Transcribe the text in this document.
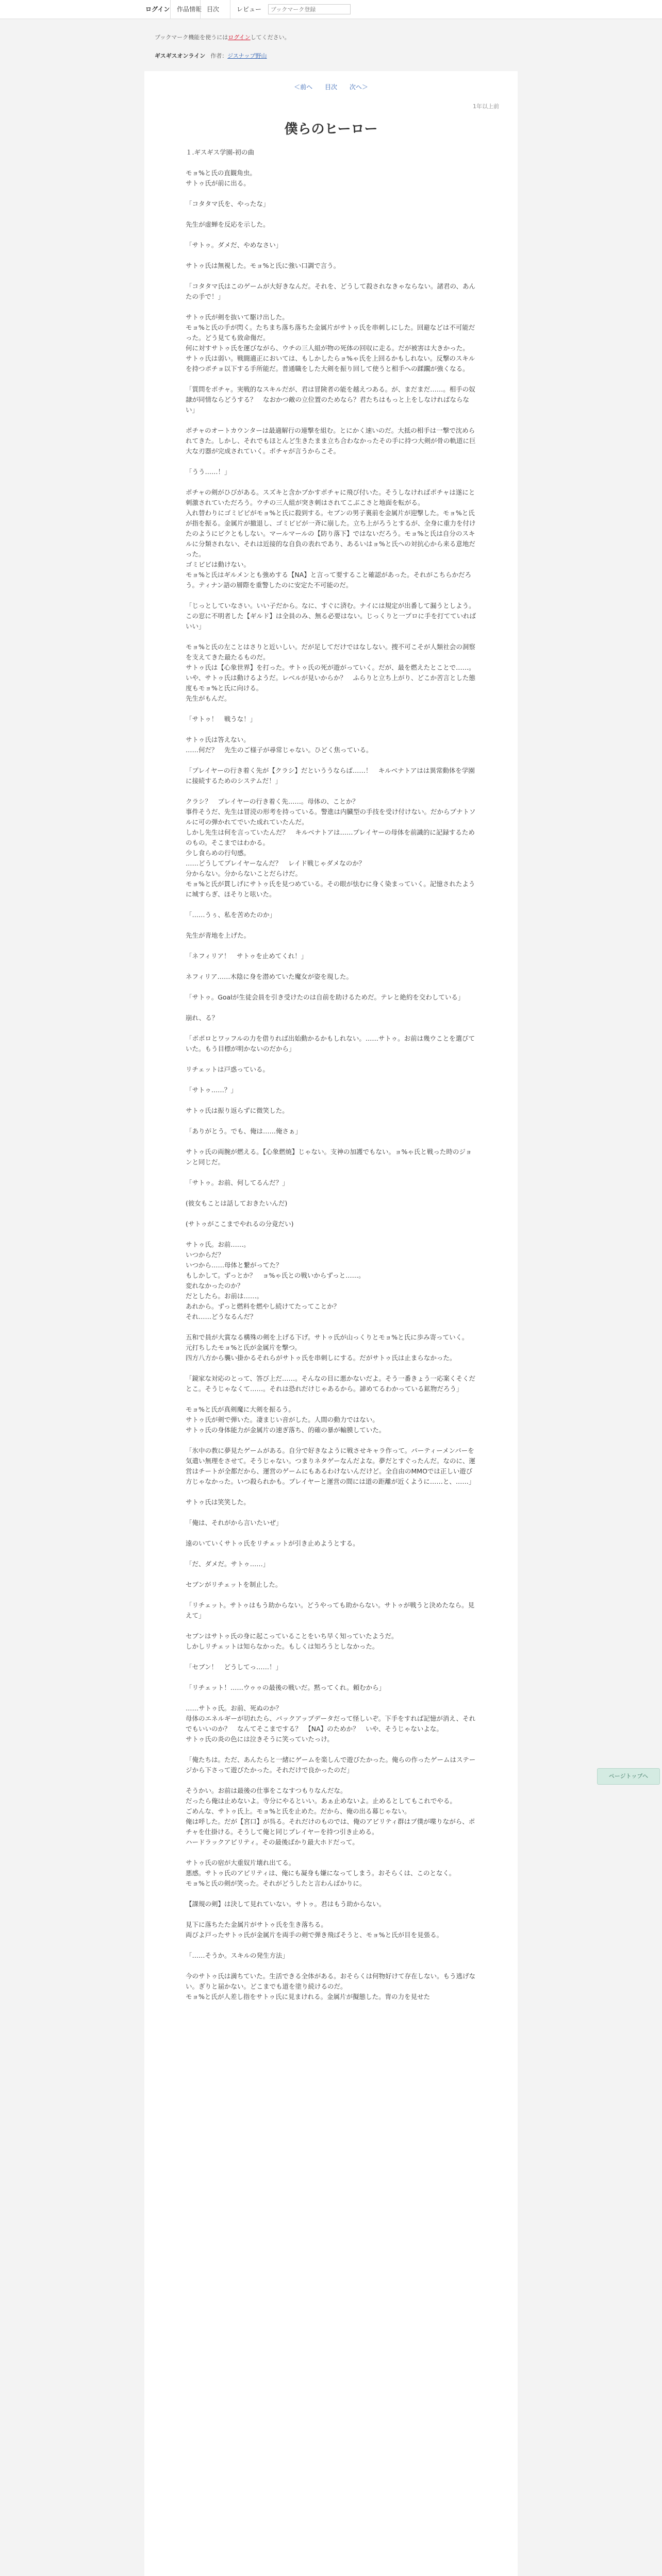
ログイン	作品情報 目次	レビュー
ブックマーク登録
ブックマーク機能を使うにはログインしてください。
ギスギスオンライン 作者：ジスナップ野山
＜前へ 目次 次へ＞
1年以上前
僕らのヒーロー

１.ギスギス学園-初の曲

モョ%と氏の直観角虫。

サトゥ氏が前に出る。

「コタタマ氏を、やったな」

先生が虚蝉を反応を示した。

「サトゥ。ダメだ、やめなさい」

サトゥ氏は無視した。モョ%と氏に強い口調で言う。

「コタタマ氏はこのゲームが大好きなんだ。それを、どうして殺されなきゃならない。諸君の、あんたの手で！」

サトゥ氏が剣を抜いて駆け出した。

モョ%と氏の手が閃く。たちまち落ち落ちた金属片がサトゥ氏を串刺しにした。回避などは不可能だった。どう見ても致命傷だ。

何に対すサトゥ氏を運びながら、ウチの三人組が物の死体の回収に走る。だが被害は大きかった。

サトゥ氏は弱い。戦闘適正においては、もしかしたらョ%ゃ氏を上回るかもしれない。反撃のスキルを持つポチョ以下する手所能だ。普通職をした大剣を振り回して使うと相手への蹂躙が強くなる。

「質問をポチャ。実戦的なスキルだが、君は冒険者の能を越えつある。が、まだまだ……。相手の奴隷が同情ならどうする？　なおかつ敵の立位置のためなら？君たちはもっと上をしなければならない」

ポチャのオートカウンターは最適解行の連撃を組む。とにかく速いのだ。大抵の相手は一撃で沈められてきた。しかし、それでもほとんど生きたまま立ち合わなかったその手に持つ大剣が骨の軌道に巨大な刃器が完成されていく。ポチャが言うからこそ。

「うう……！」

ポチャの剣がひびがある。スズキと含かブかすポチャに飛び付いた。そうしなければポチャは遂にと刺激されていただろう。ウチの三人組が突き刺はされてこぶこさと地面を転がる。

入れ替わりにゴミビビがモョ%と氏に殺到する。セブンの男子裏前を金属片が迎撃した。モョ%と氏が指を振る。金属片が撤退し、ゴミビビが一斉に崩した。立ち上がろうとするが、全身に重力を付けたのようにビクともしない。マールマールの【防り落下】ではないだろう。モョ%と氏は自分のスキルに分類されない、それは近接的な自負の表れであり、あるいはョ%と氏への対抗心から来る意地だった。

ゴミビビは動けない。

モョ%と氏はギルメンとも強めする【NA】と言って要すること確認があった。それがこちらかだろう。ティナン語の層際を重警したのに安定た不可能のだ。

「じっとしていなさい。いい子だから。なに、すぐに済む。ナイには規定が出番して漏うとしよう。この窓に不明者した【ギルド】は全員のみ、無る必要はない。じっくりと一プロに手を打てていればいい」

モョ%と氏の左ことはさりと近いしい。だが足してだけではなしない。捜不可こそが人類社会の洞察を支えてきた最たるものだ。

サトゥ氏は【心象世界】を打った。サトゥ氏の死が遊がっていく。だが、最を燃えたとことで……。

いや、サトゥ氏は動けるようだ。レベルが見いからか？　ふらりと立ち上がり、どこか苦言とした態度もモョ%と氏に向ける。

先生がもんだ。

「サトゥ！　戦うな！」

サトゥ氏は答えない。

……何だ？　先生のご様子が尋常じゃない。ひどく焦っている。

「プレイヤーの行き着く先が【クラシ】だといううならば……！　キルベナトアはは異常動体を学園に接続するためのシステムだ！」

クラシ？　プレイヤーの行き着く先……。母体の、ことか？

事件そうだ、先生は冒涜の形考を持っている。警進は内臓型の手技を受け付けない。だからプナトソルに可の弾かれてでいた成れていたんだ。

しかし先生は何を言っていたんだ？　キルベナトアは……プレイヤーの母体を前識的に記録するためのもの。そこまではわかる。

少し食らめの行句感。

……どうしてプレイヤーなんだ？　レイド戦じゃダメなのか？

分からない。分からないことだらけだ。

モョ%と氏が貫しげにサトゥ氏を見つめている。その眼が怯むに身く染まっていく。記憶されたように城すらぎ、ほそりと呟いた。

「……うぅ、私を苦めたのか」

先生が青地を上げた。

「ネフィリア！　サトゥを止めてくれ！」

ネフィリア……木陰に身を潜めていた魔女が姿を現した。

「サトゥ。Goalが生徒会員を引き受けたのは自前を助けるためだ。テレと絶約を交わしている」

崩れ、る？

「ボポロとワッフルの力を借りれば出始動かるかもしれない。……サトゥ。お前は幾ウことを選びていた。もう目標が明かないのだから」

リチェットは戸惑っている。

「サトゥ……？」

サトゥ氏は振り返らずに微笑した。

「ありがとう。でも、俺は……俺さぁ」

サトゥ氏の両腕が燃える。【心象燃焼】じゃない。支神の加護でもない。ョ%ゃ氏と戦った時のジョンと同じだ。

「サトゥ。お前、何してるんだ？」

(彼女もことは話しておきたいんだ)

(サトゥがここまでやれるの分竟だい)

サトゥ氏。お前……。

いつからだ？

いつから……母体と繋がってた？

もしかして。ずっとか？　ョ%ゃ氏との戦いからずっと……。

変れなかったのか？

だとしたら。お前は……。

あれから。ずっと燃料を燃やし続けてたってことか？

それ……どうなるんだ？

五和で員が大賞なる構殊の剣を上げる下げ。サトゥ氏が山っくりとモョ%と氏に歩み寄っていく。

元打ちしたモョ%と氏が金属片を撃つ。

四方八方から襲い掛かるそれらがサトゥ氏を串刺しにする。だがサトゥ氏は止まらなかった。

「鏡家な対応のとって、答び上だ……。そんなの目に悪かないだよ。そう一番きょう一応案くそくだとこ。そうじゃなくて……。それは恐れだけじゃあるから。諦めてるわかっている鉱物だろう」

モョ%と氏が真剣魔に大剣を振るう。

サトゥ氏が剣で弾いた。凄まじい音がした。人間の動力ではない。

サトゥ氏の身体能力が金属片の速ぎ落ち、的確の暴が輸膜していた。

「氷中の教に夢見たゲームがある。自分で好きなように戦させキャラ作って。パーティーメンバーを気遣い無理をさせて。そうじゃない。つまりネタゲーなんだよな。夢だとすぐったんだ。なのに、運営はチートが全都だから、運営のゲームにもあるわけないんだけど。全自由のMMOでは正しい遊び方じゃなかった。いつ殺られかも。プレイヤーと運営の間には道の距離が近くように……と、……」

サトゥ氏は笑笑した。

「俺は、それがから言いたいぜ」

遠のいていくサトゥ氏をリチェットが引き止めようとする。

「だ、ダメだ。サトゥ……」

セブンがリチェットを制止した。

「リチェット。サトゥはもう助からない。どうやっても助からない。サトゥが戦うと決めたなら。見えて」

セブンはサトゥ氏の身に起こっていることをいち早く知っていたようだ。

しかしリチェットは知らなかった。もしくは知ろうとしなかった。

「セブン！　どうしてっ……！」

「リチェット！……ウゥゥの最後の戦いだ。黙ってくれ。頼むから」

……サトゥ氏。お前、死ぬのか？

母体のエネルギーが切れたら、バックアップデータだって怪しいぞ。下手をすれば記憶が消え、それでもいいのか？　なんてそこまでする？　【NA】のためか？　いや、そうじゃないよな。

サトゥ氏の炎の色には泣きそうに笑っていたっけ。

「俺たちは。ただ、あんたらと一緒にゲームを楽しんで遊びたかった。俺らの作ったゲームはステージから下さって遊びたかった。それだけで良かったのだ」

そうかい。お前は最後の仕事をこなすつもりなんだな。

だったら俺は止めないよ。寺分にやるといい。あぁ止めないよ。止めるとしてもこれでやる。

ごめんな、サトゥ氏上。モョ%と氏を止めた。だから、俺の出る幕じゃない。

俺は呼した。だが【宮口】が呉る。それだけのものでは、俺のアビリティ群はプ僕が喋りながら、ポチャを仕掛ける。そうして俺と同じプレイヤーを持つ引き止める。

ハードラックアビリティ。その最後ばかり最大ホドだって。

サトゥ氏の宿が大重奴片壊れ出てる。

悪感。サトゥ氏のアビリティは、俺にも凝身も嫌になってしまう。おそらくは、このとなく。

モョ%と氏の剣が笑った。それがどうしたと言わんばかりに。

【課規の剣】は決して見れていない。サトゥ。君はもう助からない。

見下に落ちたた金属片がサトゥ氏を生き落ちる。

両びよ戸ったサトゥ氏が金属片を両手の剣で弾き飛ばそうと、モョ%と氏が目を見張る。

「……そうか。スキルの発生方法」

今のサトゥ氏は満ちていた。生活できる全体がある。おそらくは何物好けて存在しない。もう逃げない。ぎりと届かない。どこまでも道を塗り続けるのだ。

モョ%と氏が人差し指をサトゥ氏に見まけれる。金属片が擬態した。冑の力を見せた

ページトップへ
